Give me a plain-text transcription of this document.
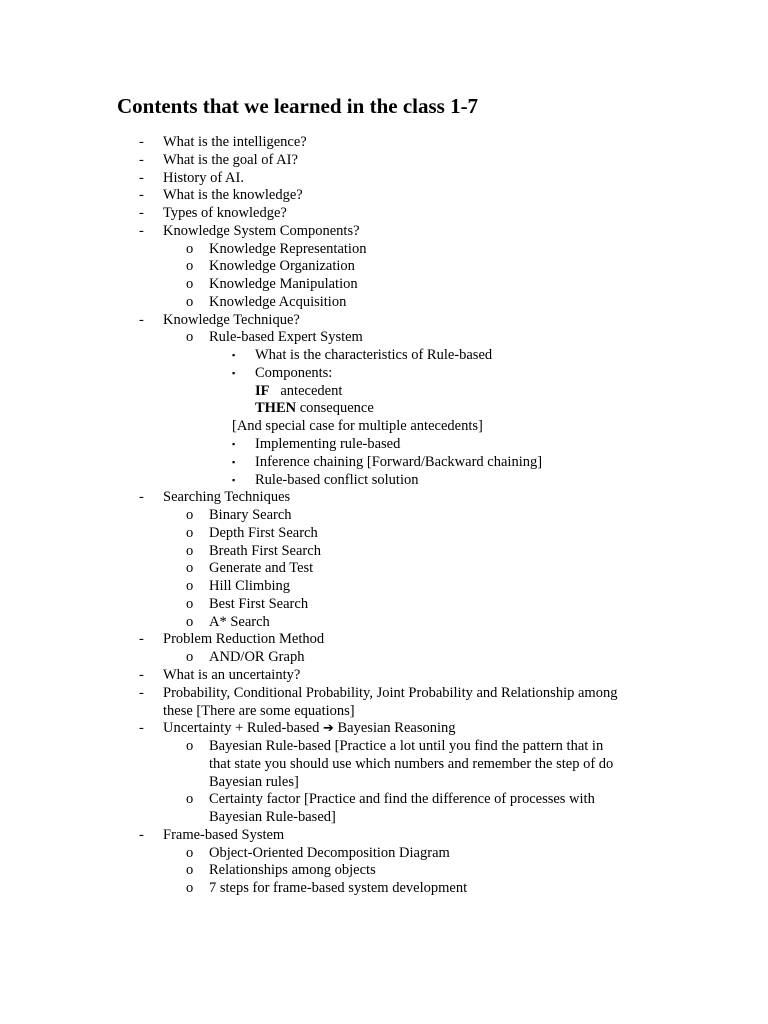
Contents that we learned in the class 1-7
- What is the intelligence?
- What is the goal of AI?
- History of AI.
- What is the knowledge?
- Types of knowledge?
- Knowledge System Components?
o Knowledge Representation
o Knowledge Organization
o Knowledge Manipulation
o Knowledge Acquisition
- Knowledge Technique?
o Rule-based Expert System
▪ What is the characteristics of Rule-based
▪ Components:
IF antecedent
THEN consequence
[And special case for multiple antecedents]
▪ Implementing rule-based
▪ Inference chaining [Forward/Backward chaining]
▪ Rule-based conflict solution
- Searching Techniques
o Binary Search
o Depth First Search
o Breath First Search
o Generate and Test
o Hill Climbing
o Best First Search
o A* Search
- Problem Reduction Method
o AND/OR Graph
- What is an uncertainty?
- Probability, Conditional Probability, Joint Probability and Relationship among
these [There are some equations]
- Uncertainty + Ruled-based ➔ Bayesian Reasoning
o Bayesian Rule-based [Practice a lot until you find the pattern that in
that state you should use which numbers and remember the step of do
Bayesian rules]
o Certainty factor [Practice and find the difference of processes with
Bayesian Rule-based]
- Frame-based System
o Object-Oriented Decomposition Diagram
o Relationships among objects
o 7 steps for frame-based system development
